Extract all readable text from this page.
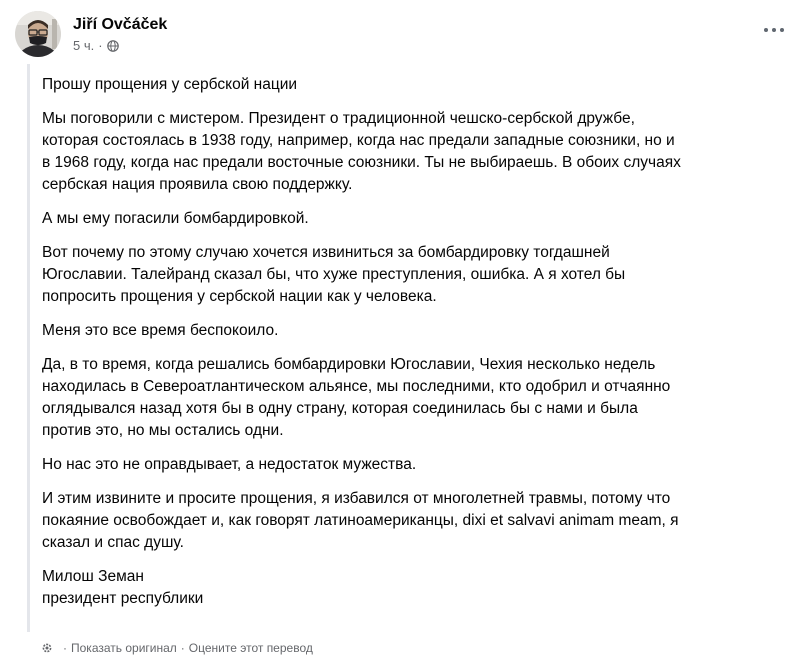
Jiří Ovčáček
5 ч. ·

Прошу прощения у сербской нации

Мы поговорили с мистером. Президент о традиционной чешско-сербской дружбе,
которая состоялась в 1938 году, например, когда нас предали западные союзники, но и
в 1968 году, когда нас предали восточные союзники. Ты не выбираешь. В обоих случаях
сербская нация проявила свою поддержку.

А мы ему погасили бомбардировкой.

Вот почему по этому случаю хочется извиниться за бомбардировку тогдашней
Югославии. Талейранд сказал бы, что хуже преступления, ошибка. А я хотел бы
попросить прощения у сербской нации как у человека.

Меня это все время беспокоило.

Да, в то время, когда решались бомбардировки Югославии, Чехия несколько недель
находилась в Североатлантическом альянсе, мы последними, кто одобрил и отчаянно
оглядывался назад хотя бы в одну страну, которая соединилась бы с нами и была
против это, но мы остались одни.

Но нас это не оправдывает, а недостаток мужества.

И этим извините и просите прощения, я избавился от многолетней травмы, потому что
покаяние освобождает и, как говорят латиноамериканцы, dixi et salvavi animam meam, я
сказал и спас душу.

Милош Земан
президент республики

· Показать оригинал · Оцените этот перевод
